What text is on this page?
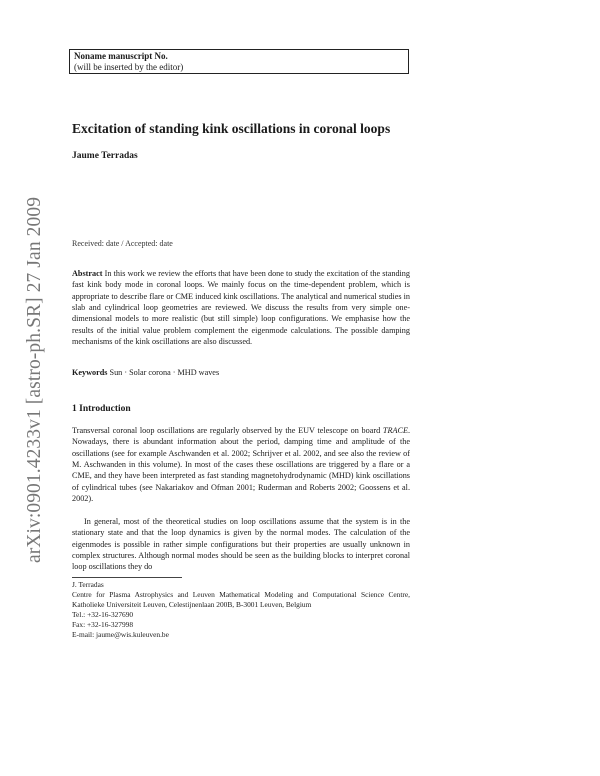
arXiv:0901.4233v1 [astro-ph.SR] 27 Jan 2009
Noname manuscript No.
(will be inserted by the editor)
Excitation of standing kink oscillations in coronal loops
Jaume Terradas
Received: date / Accepted: date

Abstract In this work we review the efforts that have been done to study the excitation of the standing fast kink body mode in coronal loops. We mainly focus on the time-dependent problem, which is appropriate to describe flare or CME induced kink oscillations. The analytical and numerical studies in slab and cylindrical loop geometries are reviewed. We discuss the results from very simple one-dimensional models to more realistic (but still simple) loop configurations. We emphasise how the results of the initial value problem complement the eigenmode calculations. The possible damping mechanisms of the kink oscillations are also discussed.

Keywords Sun · Solar corona · MHD waves

1 Introduction

Transversal coronal loop oscillations are regularly observed by the EUV telescope on board TRACE. Nowadays, there is abundant information about the period, damping time and amplitude of the oscillations (see for example Aschwanden et al. 2002; Schrijver et al. 2002, and see also the review of M. Aschwanden in this volume). In most of the cases these oscillations are triggered by a flare or a CME, and they have been interpreted as fast standing magnetohydrodynamic (MHD) kink oscillations of cylindrical tubes (see Nakariakov and Ofman 2001; Ruderman and Roberts 2002; Goossens et al. 2002).

In general, most of the theoretical studies on loop oscillations assume that the system is in the stationary state and that the loop dynamics is given by the normal modes. The calculation of the eigenmodes is possible in rather simple configurations but their properties are usually unknown in complex structures. Although normal modes should be seen as the building blocks to interpret coronal loop oscillations they do

J. Terradas
Centre for Plasma Astrophysics and Leuven Mathematical Modeling and Computational Science Centre, Katholieke Universiteit Leuven, Celestijnenlaan 200B, B-3001 Leuven, Belgium
Tel.: +32-16-327690
Fax: +32-16-327998
E-mail: jaume@wis.kuleuven.be
